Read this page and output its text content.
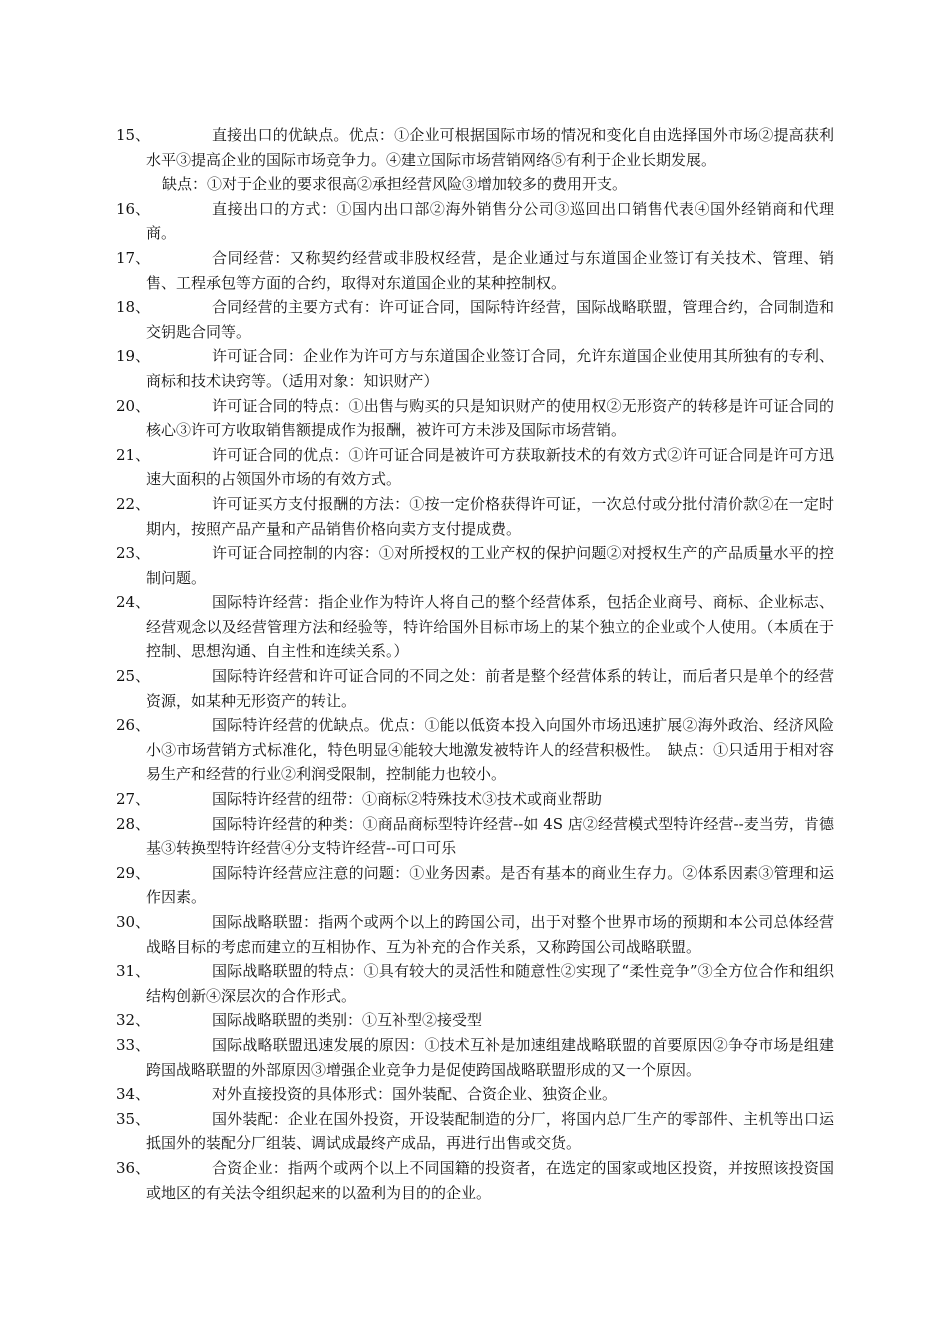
15、	直接出口的优缺点。优点：①企业可根据国际市场的情况和变化自由选择国外市场②提高获利水平③提高企业的国际市场竞争力。④建立国际市场营销网络⑤有利于企业长期发展。
缺点：①对于企业的要求很高②承担经营风险③增加较多的费用开支。
16、	直接出口的方式：①国内出口部②海外销售分公司③巡回出口销售代表④国外经销商和代理商。
17、	合同经营：又称契约经营或非股权经营，是企业通过与东道国企业签订有关技术、管理、销售、工程承包等方面的合约，取得对东道国企业的某种控制权。
18、	合同经营的主要方式有：许可证合同，国际特许经营，国际战略联盟，管理合约，合同制造和交钥匙合同等。
19、	许可证合同：企业作为许可方与东道国企业签订合同，允许东道国企业使用其所独有的专利、商标和技术诀窍等。（适用对象：知识财产）
20、	许可证合同的特点：①出售与购买的只是知识财产的使用权②无形资产的转移是许可证合同的核心③许可方收取销售额提成作为报酬，被许可方未涉及国际市场营销。
21、	许可证合同的优点：①许可证合同是被许可方获取新技术的有效方式②许可证合同是许可方迅速大面积的占领国外市场的有效方式。
22、	许可证买方支付报酬的方法：①按一定价格获得许可证，一次总付或分批付清价款②在一定时期内，按照产品产量和产品销售价格向卖方支付提成费。
23、	许可证合同控制的内容：①对所授权的工业产权的保护问题②对授权生产的产品质量水平的控制问题。
24、	国际特许经营：指企业作为特许人将自己的整个经营体系，包括企业商号、商标、企业标志、经营观念以及经营管理方法和经验等，特许给国外目标市场上的某个独立的企业或个人使用。（本质在于控制、思想沟通、自主性和连续关系。）
25、	国际特许经营和许可证合同的不同之处：前者是整个经营体系的转让，而后者只是单个的经营资源，如某种无形资产的转让。
26、	国际特许经营的优缺点。优点：①能以低资本投入向国外市场迅速扩展②海外政治、经济风险小③市场营销方式标准化，特色明显④能较大地激发被特许人的经营积极性。　缺点：①只适用于相对容易生产和经营的行业②利润受限制，控制能力也较小。
27、	国际特许经营的纽带：①商标②特殊技术③技术或商业帮助
28、	国际特许经营的种类：①商品商标型特许经营--如 4S 店②经营模式型特许经营--麦当劳，肯德基③转换型特许经营④分支特许经营--可口可乐
29、	国际特许经营应注意的问题：①业务因素。是否有基本的商业生存力。②体系因素③管理和运作因素。
30、	国际战略联盟：指两个或两个以上的跨国公司，出于对整个世界市场的预期和本公司总体经营战略目标的考虑而建立的互相协作、互为补充的合作关系，又称跨国公司战略联盟。
31、	国际战略联盟的特点：①具有较大的灵活性和随意性②实现了“柔性竞争”③全方位合作和组织结构创新④深层次的合作形式。
32、	国际战略联盟的类别：①互补型②接受型
33、	国际战略联盟迅速发展的原因：①技术互补是加速组建战略联盟的首要原因②争夺市场是组建跨国战略联盟的外部原因③增强企业竞争力是促使跨国战略联盟形成的又一个原因。
34、	对外直接投资的具体形式：国外装配、合资企业、独资企业。
35、	国外装配：企业在国外投资，开设装配制造的分厂，将国内总厂生产的零部件、主机等出口运抵国外的装配分厂组装、调试成最终产成品，再进行出售或交货。
36、	合资企业：指两个或两个以上不同国籍的投资者，在选定的国家或地区投资，并按照该投资国或地区的有关法令组织起来的以盈利为目的的企业。
